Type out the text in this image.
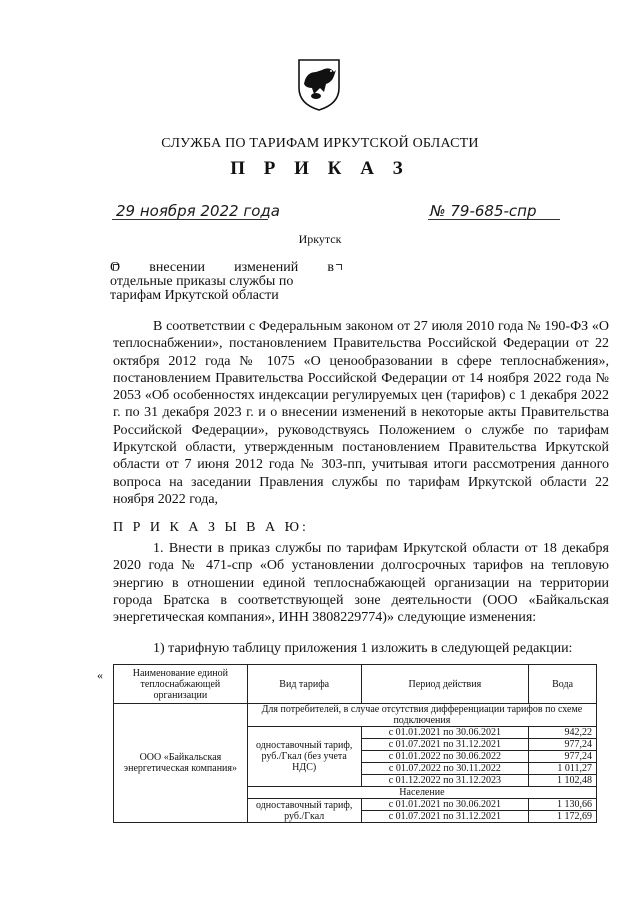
СЛУЖБА ПО ТАРИФАМ ИРКУТСКОЙ ОБЛАСТИ
П Р И К А З
29 ноября 2022 года	№ 79-685-спр
Иркутск
О внесении изменений в
отдельные приказы службы по тарифам Иркутской области
В соответствии с Федеральным законом от 27 июля 2010 года № 190-ФЗ «О теплоснабжении», постановлением Правительства Российской Федерации от 22 октября 2012 года № 1075 «О ценообразовании в сфере теплоснабжения», постановлением Правительства Российской Федерации от 14 ноября 2022 года № 2053 «Об особенностях индексации регулируемых цен (тарифов) с 1 декабря 2022 г. по 31 декабря 2023 г. и о внесении изменений в некоторые акты Правительства Российской Федерации», руководствуясь Положением о службе по тарифам Иркутской области, утвержденным постановлением Правительства Иркутской области от 7 июня 2012 года № 303-пп, учитывая итоги рассмотрения данного вопроса на заседании Правления службы по тарифам Иркутской области 22 ноября 2022 года,
П Р И К А З Ы В А Ю:
1. Внести в приказ службы по тарифам Иркутской области от 18 декабря 2020 года № 471-спр «Об установлении долгосрочных тарифов на тепловую энергию в отношении единой теплоснабжающей организации на территории города Братска в соответствующей зоне деятельности (ООО «Байкальская энергетическая компания», ИНН 3808229774)» следующие изменения:
1) тарифную таблицу приложения 1 изложить в следующей редакции:
«	Наименование единой теплоснабжающей организации	Вид тарифа	Период действия	Вода
ООО «Байкальская энергетическая компания»	Для потребителей, в случае отсутствия дифференциации тарифов по схеме подключения		
	одноставочный тариф, руб./Гкал (без учета НДС)	с 01.01.2021 по 30.06.2021	942,22
		с 01.07.2021 по 31.12.2021	977,24
		с 01.01.2022 по 30.06.2022	977,24
		с 01.07.2022 по 30.11.2022	1 011,27
		с 01.12.2022 по 31.12.2023	1 102,48
	Население		
	одноставочный тариф, руб./Гкал	с 01.01.2021 по 30.06.2021	1 130,66
		с 01.07.2021 по 31.12.2021	1 172,69
